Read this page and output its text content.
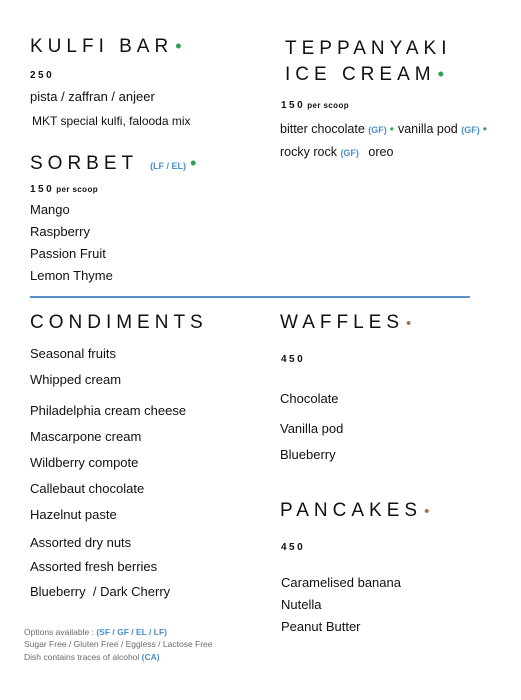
KULFI BAR •
250
pista / zaffran / anjeer
MKT special kulfi, falooda mix
SORBET (LF / EL) •
150 per scoop
Mango
Raspberry
Passion Fruit
Lemon Thyme
TEPPANYAKI
ICE CREAM •
150 per scoop
bitter chocolate (GF) • vanilla pod (GF) •
rocky rock (GF) oreo
CONDIMENTS
Seasonal fruits
Whipped cream
Philadelphia cream cheese
Mascarpone cream
Wildberry compote
Callebaut chocolate
Hazelnut paste
Assorted dry nuts
Assorted fresh berries
Blueberry  / Dark Cherry
WAFFLES •
450
Chocolate
Vanilla pod
Blueberry
PANCAKES •
450
Caramelised banana
Nutella
Peanut Butter
Options available : (SF / GF / EL / LF)
Sugar Free / Gluten Free / Eggless / Lactose Free
Dish contains traces of alcohol (CA)
